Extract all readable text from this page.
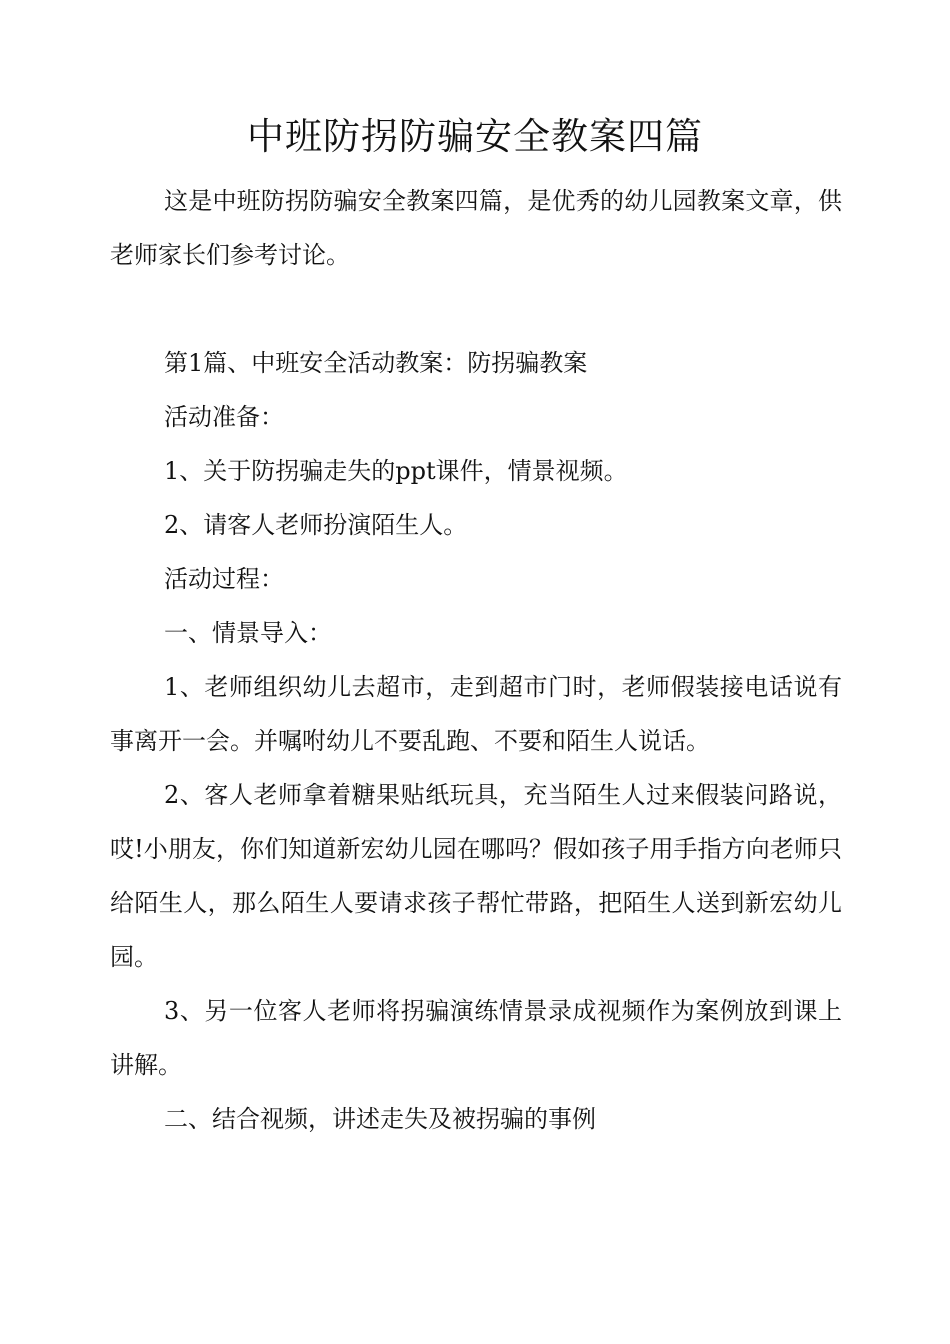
中班防拐防骗安全教案四篇

这是中班防拐防骗安全教案四篇，是优秀的幼儿园教案文章，供老师家长们参考讨论。

第1篇、中班安全活动教案：防拐骗教案

活动准备：

1、关于防拐骗走失的ppt课件，情景视频。

2、请客人老师扮演陌生人。

活动过程：

一、情景导入：

1、老师组织幼儿去超市，走到超市门时，老师假装接电话说有事离开一会。并嘱咐幼儿不要乱跑、不要和陌生人说话。

2、客人老师拿着糖果贴纸玩具，充当陌生人过来假装问路说，哎!小朋友，你们知道新宏幼儿园在哪吗？假如孩子用手指方向老师只给陌生人，那么陌生人要请求孩子帮忙带路，把陌生人送到新宏幼儿园。

3、另一位客人老师将拐骗演练情景录成视频作为案例放到课上讲解。

二、结合视频，讲述走失及被拐骗的事例
